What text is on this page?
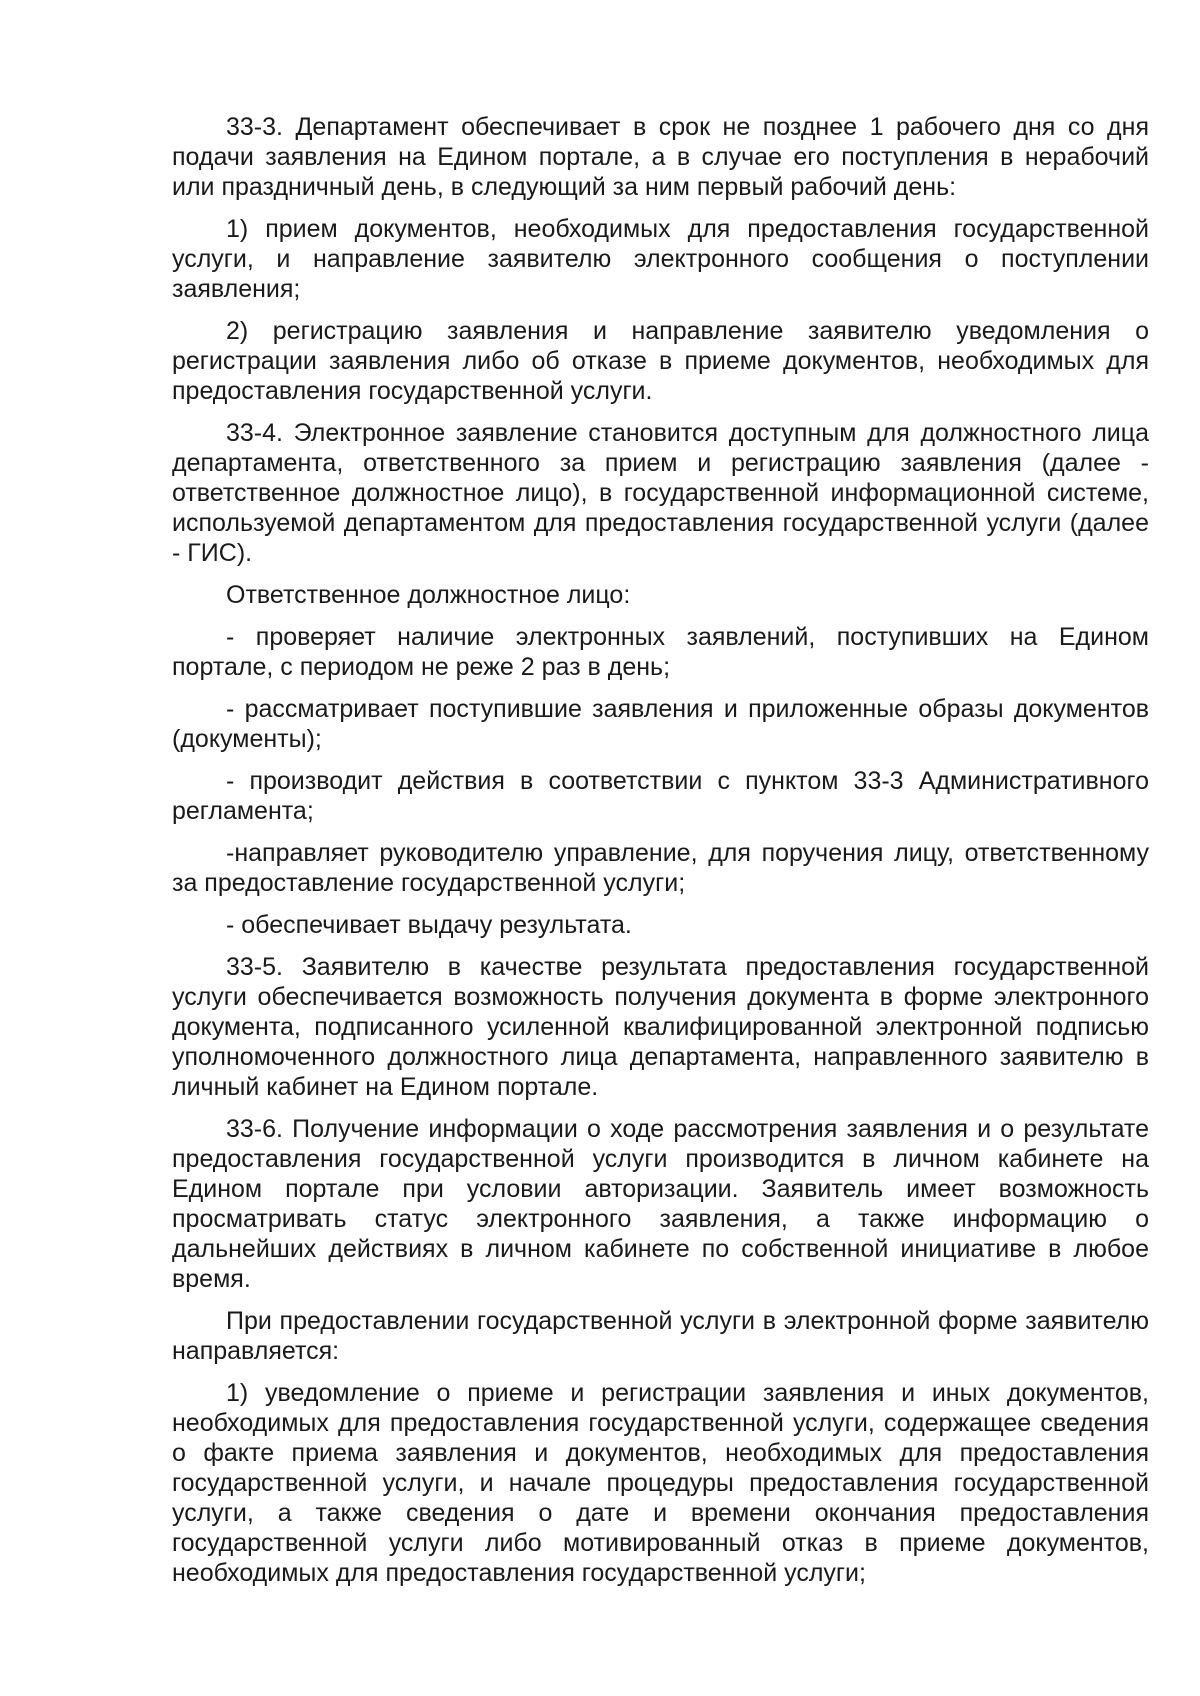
33-3. Департамент обеспечивает в срок не позднее 1 рабочего дня со дня подачи заявления на Едином портале, а в случае его поступления в нерабочий или праздничный день, в следующий за ним первый рабочий день:

1) прием документов, необходимых для предоставления государственной услуги, и направление заявителю электронного сообщения о поступлении заявления;

2) регистрацию заявления и направление заявителю уведомления о регистрации заявления либо об отказе в приеме документов, необходимых для предоставления государственной услуги.

33-4. Электронное заявление становится доступным для должностного лица департамента, ответственного за прием и регистрацию заявления (далее - ответственное должностное лицо), в государственной информационной системе, используемой департаментом для предоставления государственной услуги (далее - ГИС).

Ответственное должностное лицо:

- проверяет наличие электронных заявлений, поступивших на Едином портале, с периодом не реже 2 раз в день;

- рассматривает поступившие заявления и приложенные образы документов (документы);

- производит действия в соответствии с пунктом 33-3 Административного регламента;

-направляет руководителю управление, для поручения лицу, ответственному за предоставление государственной услуги;

- обеспечивает выдачу результата.

33-5. Заявителю в качестве результата предоставления государственной услуги обеспечивается возможность получения документа в форме электронного документа, подписанного усиленной квалифицированной электронной подписью уполномоченного должностного лица департамента, направленного заявителю в личный кабинет на Едином портале.

33-6. Получение информации о ходе рассмотрения заявления и о результате предоставления государственной услуги производится в личном кабинете на Едином портале при условии авторизации. Заявитель имеет возможность просматривать статус электронного заявления, а также информацию о дальнейших действиях в личном кабинете по собственной инициативе в любое время.

При предоставлении государственной услуги в электронной форме заявителю направляется:

1) уведомление о приеме и регистрации заявления и иных документов, необходимых для предоставления государственной услуги, содержащее сведения о факте приема заявления и документов, необходимых для предоставления государственной услуги, и начале процедуры предоставления государственной услуги, а также сведения о дате и времени окончания предоставления государственной услуги либо мотивированный отказ в приеме документов, необходимых для предоставления государственной услуги;
